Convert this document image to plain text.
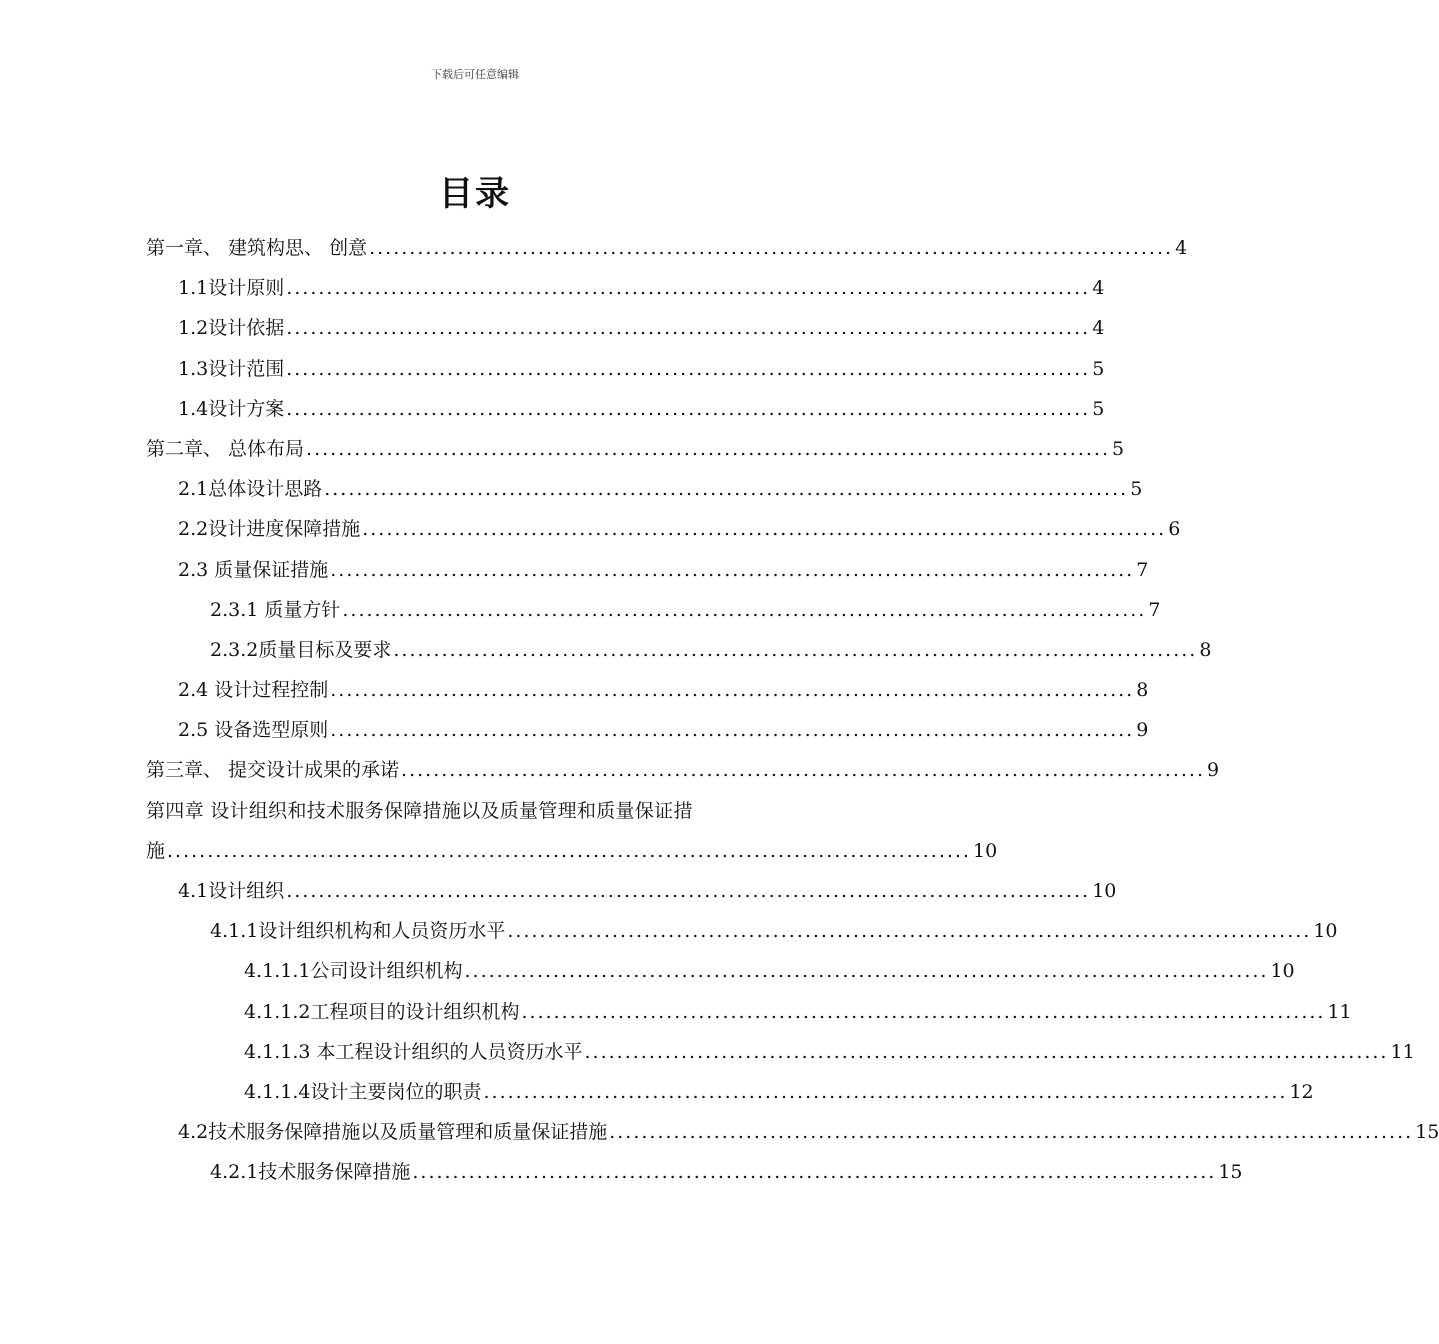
下载后可任意编辑
目录
第一章、 建筑构思、 创意 .................................................................................................... 4
1.1设计原则 .................................................................................................... 4
1.2设计依据 .................................................................................................... 4
1.3设计范围 .................................................................................................... 5
1.4设计方案 .................................................................................................... 5
第二章、 总体布局 .................................................................................................... 5
2.1总体设计思路 .................................................................................................... 5
2.2设计进度保障措施 .................................................................................................... 6
2.3 质量保证措施 .................................................................................................... 7
2.3.1 质量方针 .................................................................................................... 7
2.3.2质量目标及要求 .................................................................................................... 8
2.4 设计过程控制 .................................................................................................... 8
2.5 设备选型原则 .................................................................................................... 9
第三章、 提交设计成果的承诺 .................................................................................................... 9
第四章 设计组织和技术服务保障措施以及质量管理和质量保证措
施 .................................................................................................... 10
4.1设计组织 .................................................................................................... 10
4.1.1设计组织机构和人员资历水平 .................................................................................................... 10
4.1.1.1公司设计组织机构 .................................................................................................... 10
4.1.1.2工程项目的设计组织机构 .................................................................................................... 11
4.1.1.3 本工程设计组织的人员资历水平 .................................................................................................... 11
4.1.1.4设计主要岗位的职责 .................................................................................................... 12
4.2技术服务保障措施以及质量管理和质量保证措施 .................................................................................................... 15
4.2.1技术服务保障措施 .................................................................................................... 15
